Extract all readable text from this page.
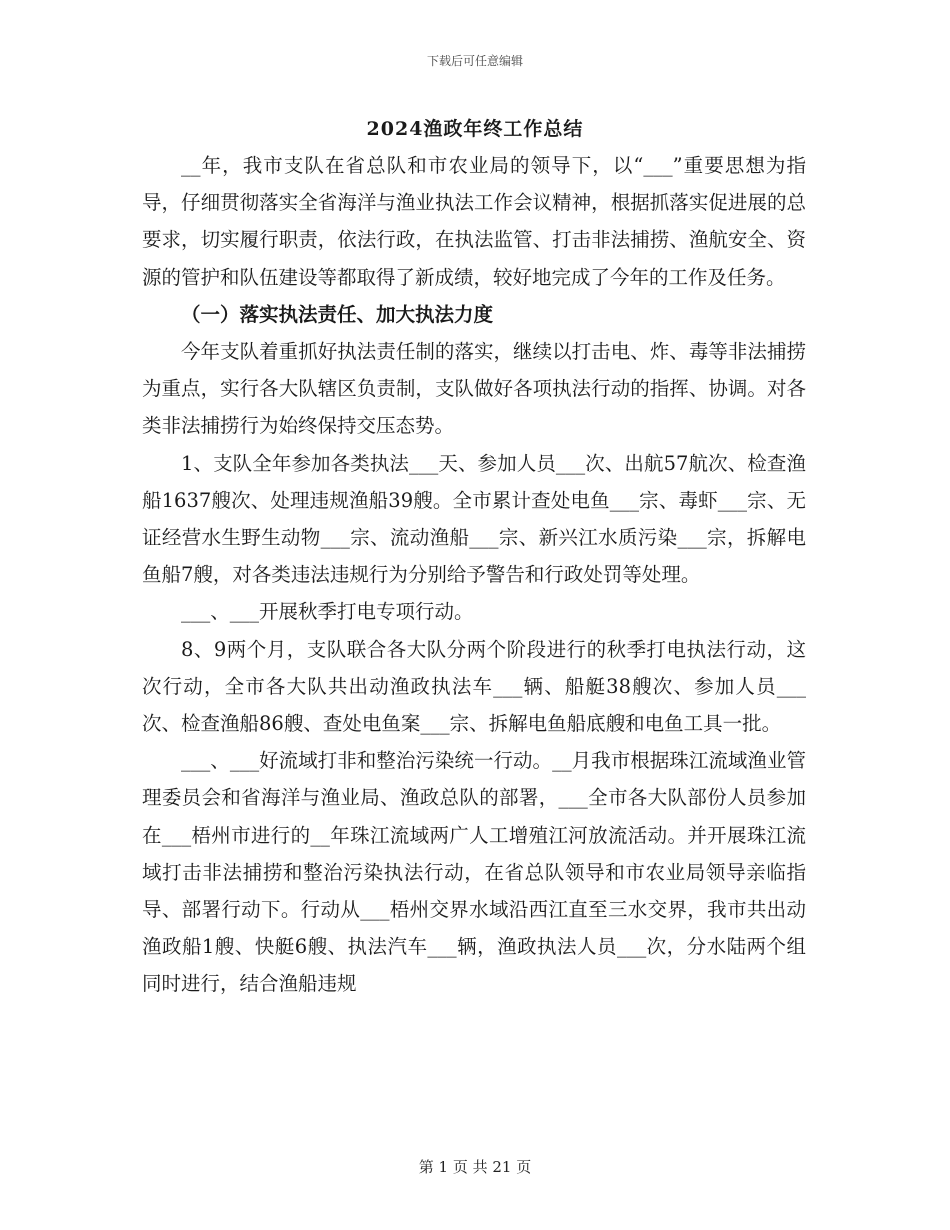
下载后可任意编辑
2024渔政年终工作总结

__年，我市支队在省总队和市农业局的领导下，以“___”重要思想为指导，仔细贯彻落实全省海洋与渔业执法工作会议精神，根据抓落实促进展的总要求，切实履行职责，依法行政，在执法监管、打击非法捕捞、渔航安全、资源的管护和队伍建设等都取得了新成绩，较好地完成了今年的工作及任务。

（一）落实执法责任、加大执法力度

今年支队着重抓好执法责任制的落实，继续以打击电、炸、毒等非法捕捞为重点，实行各大队辖区负责制，支队做好各项执法行动的指挥、协调。对各类非法捕捞行为始终保持交压态势。

1、支队全年参加各类执法___天、参加人员___次、出航57航次、检查渔船1637艘次、处理违规渔船39艘。全市累计查处电鱼___宗、毒虾___宗、无证经营水生野生动物___宗、流动渔船___宗、新兴江水质污染___宗，拆解电鱼船7艘，对各类违法违规行为分别给予警告和行政处罚等处理。

___、___开展秋季打电专项行动。

8、9两个月，支队联合各大队分两个阶段进行的秋季打电执法行动，这次行动，全市各大队共出动渔政执法车___辆、船艇38艘次、参加人员___次、检查渔船86艘、查处电鱼案___宗、拆解电鱼船底艘和电鱼工具一批。

___、___好流域打非和整治污染统一行动。__月我市根据珠江流域渔业管理委员会和省海洋与渔业局、渔政总队的部署，___全市各大队部份人员参加在___梧州市进行的__年珠江流域两广人工增殖江河放流活动。并开展珠江流域打击非法捕捞和整治污染执法行动，在省总队领导和市农业局领导亲临指导、部署行动下。行动从___梧州交界水域沿西江直至三水交界，我市共出动渔政船1艘、快艇6艘、执法汽车___辆，渔政执法人员___次，分水陆两个组同时进行，结合渔船违规

第 1 页 共 21 页
